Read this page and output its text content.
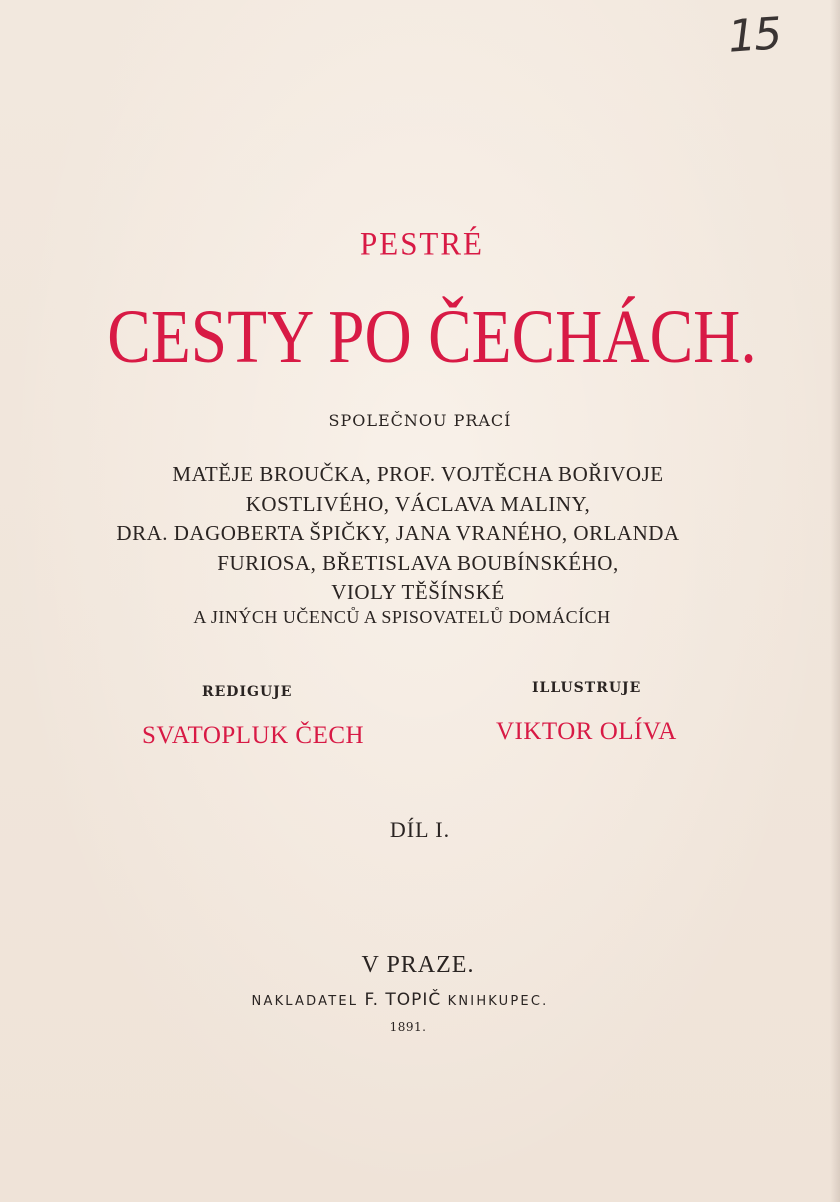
15
PESTRÉ
CESTY PO ČECHÁCH.
SPOLEČNOU PRACÍ
MATĚJE BROUČKA, PROF. VOJTĚCHA BOŘIVOJE
KOSTLIVÉHO, VÁCLAVA MALINY,
DRA. DAGOBERTA ŠPIČKY, JANA VRANÉHO, ORLANDA
FURIOSA, BŘETISLAVA BOUBÍNSKÉHO,
VIOLY TĚŠÍNSKÉ
A JINÝCH UČENCŮ A SPISOVATELŮ DOMÁCÍCH
REDIGUJE	ILLUSTRUJE
SVATOPLUK ČECH	VIKTOR OLÍVA
DÍL I.
V PRAZE.
NAKLADATEL F. TOPIČ KNIHKUPEC.
1891.
